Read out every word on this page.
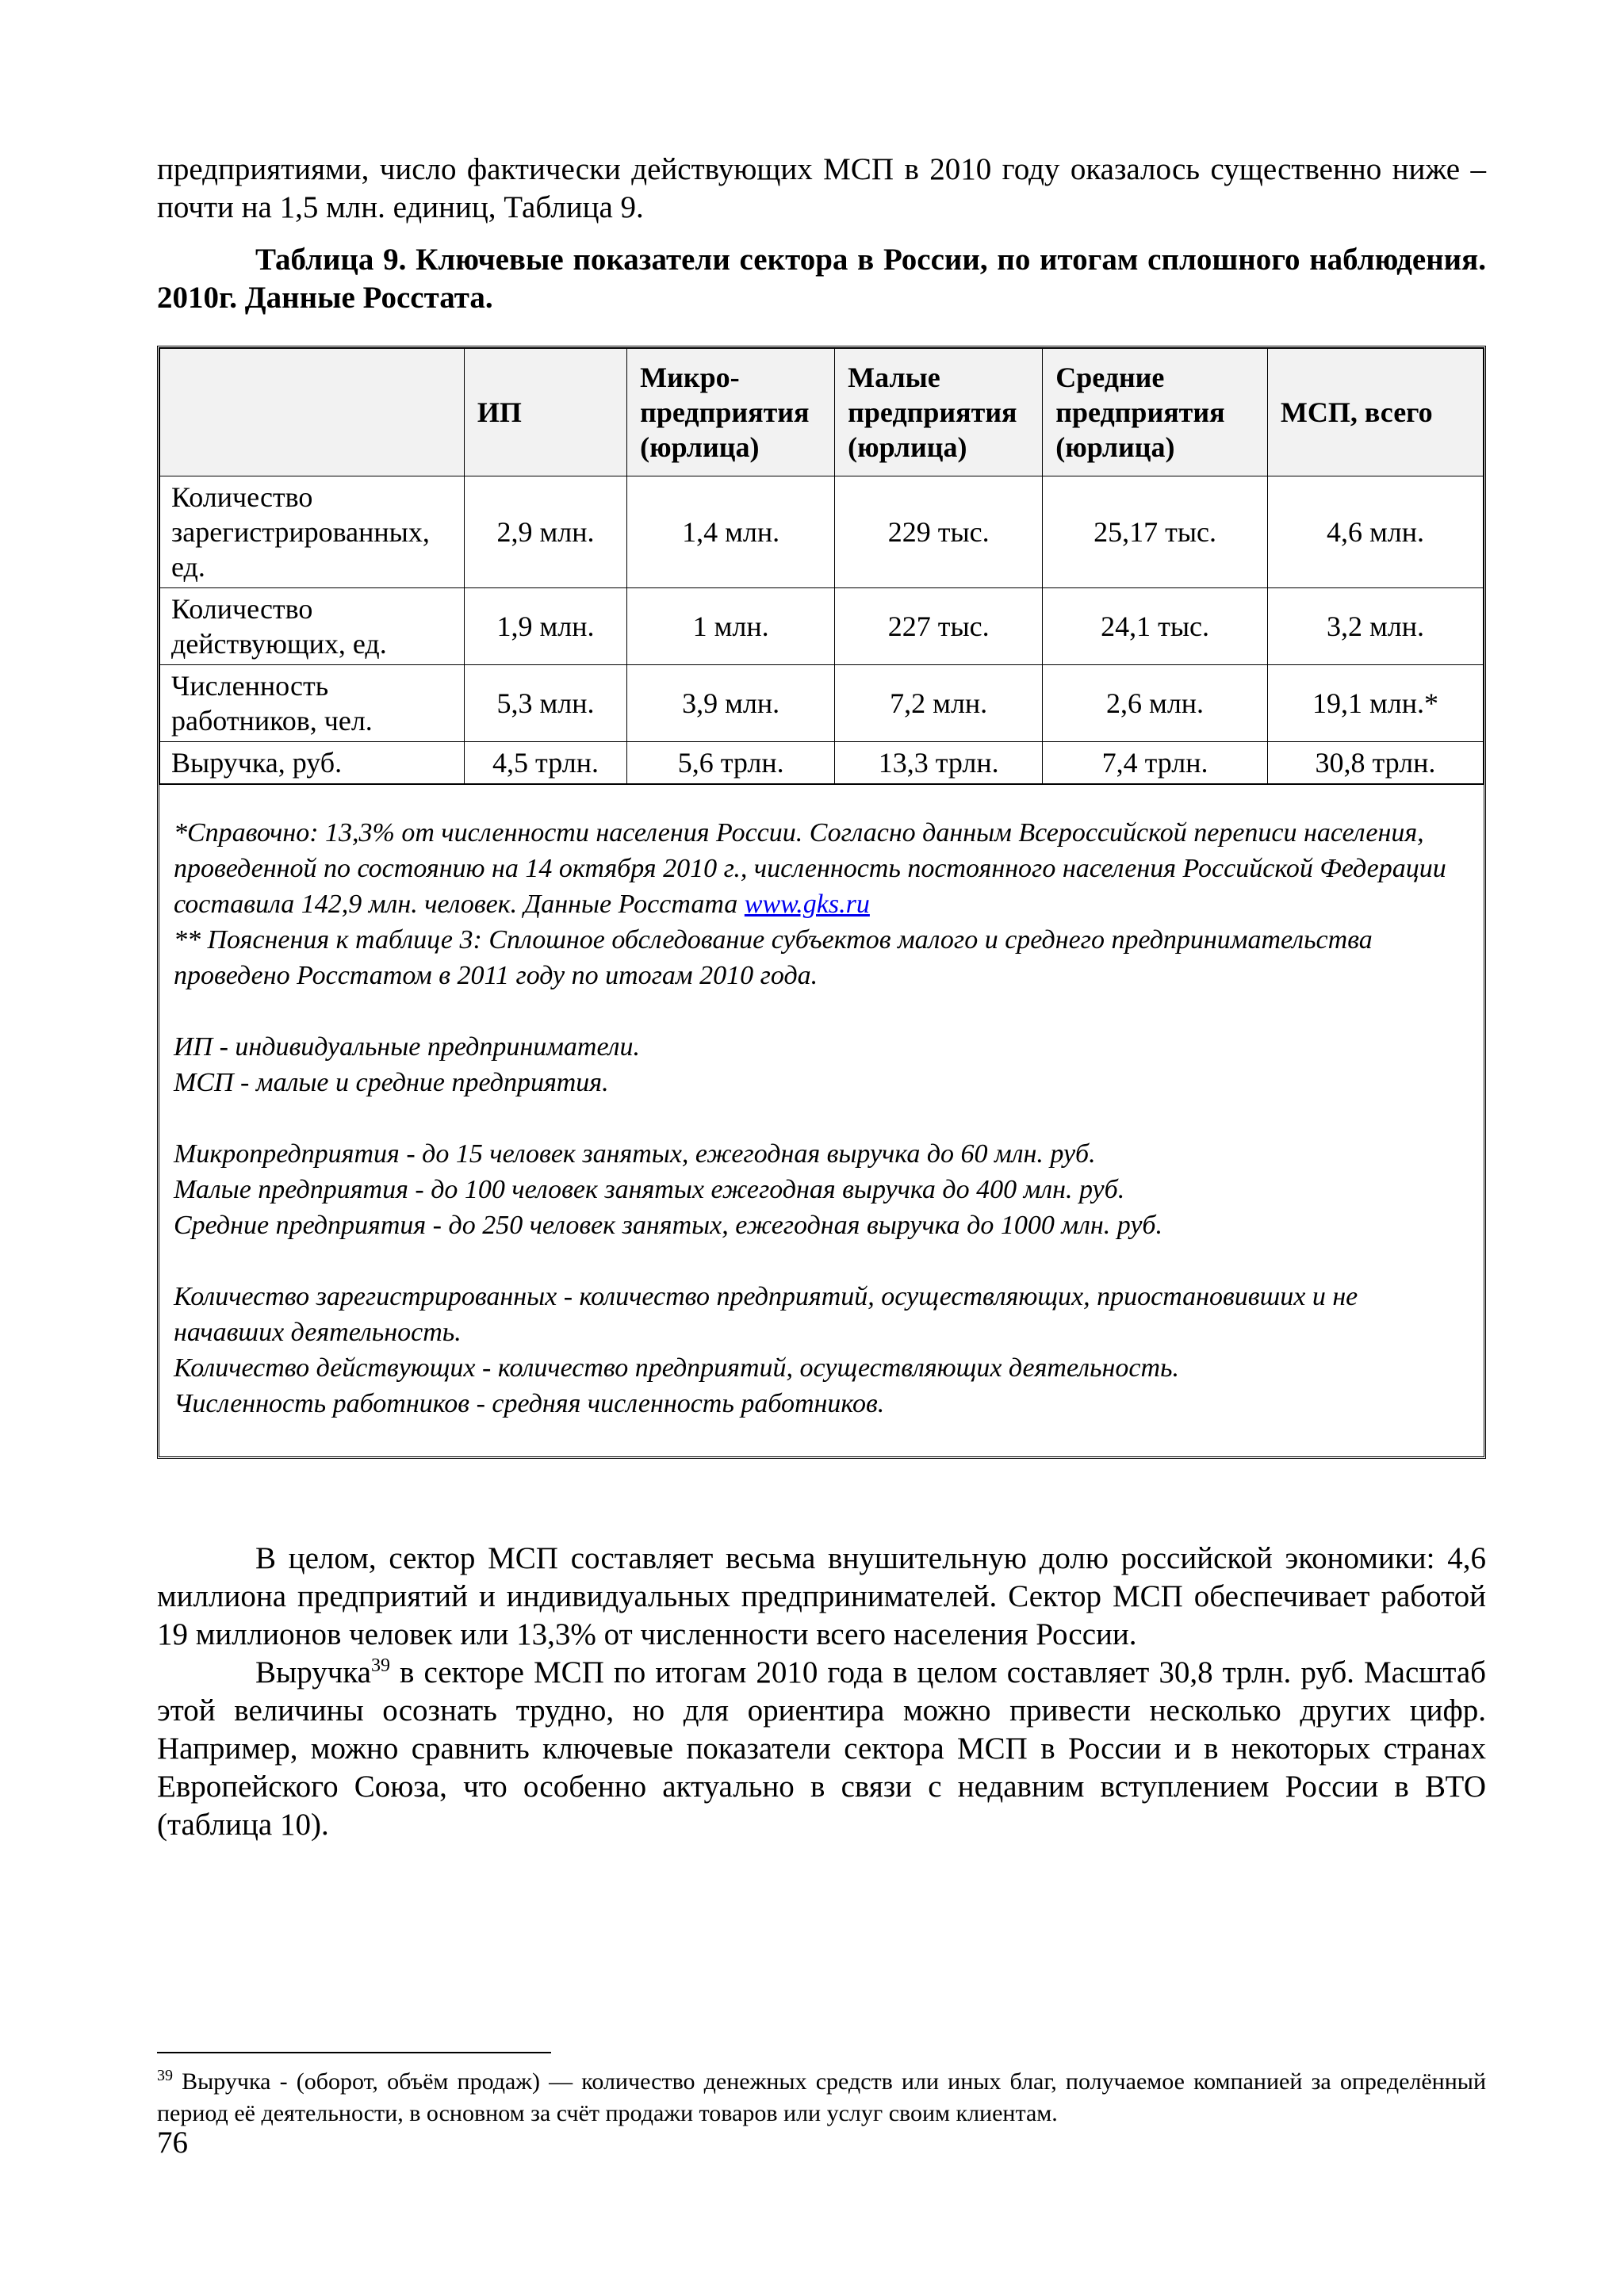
предприятиями, число фактически действующих МСП в 2010 году оказалось существенно ниже – почти на 1,5 млн. единиц, Таблица 9.

Таблица 9. Ключевые показатели сектора в России, по итогам сплошного наблюдения. 2010г. Данные Росстата.

	ИП	Микро-предприятия (юрлица)	Малые предприятия (юрлица)	Средние предприятия (юрлица)	МСП, всего
Количество зарегистрированных, ед.	2,9 млн.	1,4 млн.	229 тыс.	25,17 тыс.	4,6 млн.
Количество действующих, ед.	1,9 млн.	1 млн.	227 тыс.	24,1 тыс.	3,2 млн.
Численность работников, чел.	5,3 млн.	3,9 млн.	7,2 млн.	2,6 млн.	19,1 млн.*
Выручка, руб.	4,5 трлн.	5,6 трлн.	13,3 трлн.	7,4 трлн.	30,8 трлн.

*Справочно: 13,3% от численности населения России. Согласно данным Всероссийской переписи населения, проведенной по состоянию на 14 октября 2010 г., численность постоянного населения Российской Федерации составила 142,9 млн. человек. Данные Росстата www.gks.ru

** Пояснения к таблице 3: Сплошное обследование субъектов малого и среднего предпринимательства проведено Росстатом в 2011 году по итогам 2010 года.

ИП - индивидуальные предприниматели.

МСП - малые и средние предприятия.

Микропредприятия - до 15 человек занятых, ежегодная выручка до 60 млн. руб.

Малые предприятия - до 100 человек занятых ежегодная выручка до 400 млн. руб.

Средние предприятия - до 250 человек занятых, ежегодная выручка до 1000 млн. руб.

Количество зарегистрированных - количество предприятий, осуществляющих, приостановивших и не начавших деятельность.

Количество действующих - количество предприятий, осуществляющих деятельность.

Численность работников - средняя численность работников.

В целом, сектор МСП составляет весьма внушительную долю российской экономики: 4,6 миллиона предприятий и индивидуальных предпринимателей. Сектор МСП обеспечивает работой 19 миллионов человек или 13,3% от численности всего населения России.

Выручка$^{39}$ в секторе МСП по итогам 2010 года в целом составляет 30,8 трлн. руб. Масштаб этой величины осознать трудно, но для ориентира можно привести несколько других цифр. Например, можно сравнить ключевые показатели сектора МСП в России и в некоторых странах Европейского Союза, что особенно актуально в связи с недавним вступлением России в ВТО (таблица 10).

$^{39}$ Выручка - (оборот, объём продаж) — количество денежных средств или иных благ, получаемое компанией за определённый период её деятельности, в основном за счёт продажи товаров или услуг своим клиентам.

76
